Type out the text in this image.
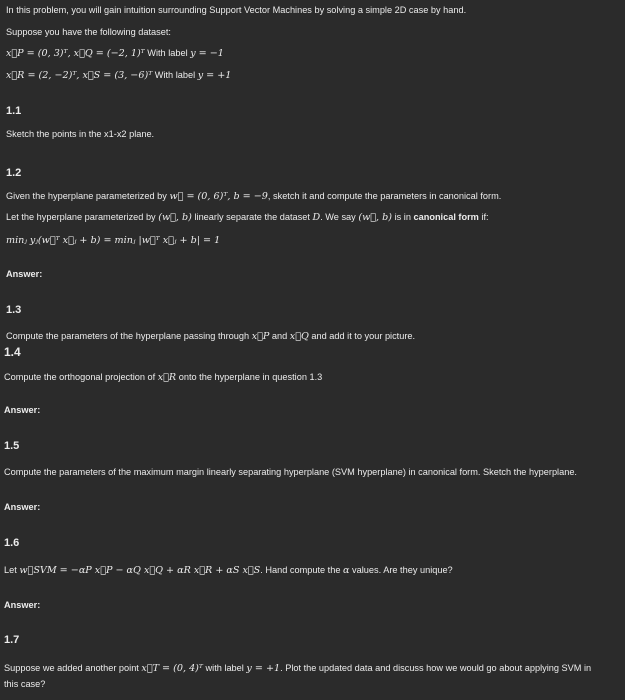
In this problem, you will gain intuition surrounding Support Vector Machines by solving a simple 2D case by hand.
Suppose you have the following dataset:
x⃗P = (0, 3)ᵀ, x⃗Q = (−2, 1)ᵀ With label y = −1
x⃗R = (2, −2)ᵀ, x⃗S = (3, −6)ᵀ With label y = +1
1.1
Sketch the points in the x1-x2 plane.
1.2
Given the hyperplane parameterized by w⃗ = (0, 6)ᵀ, b = −9, sketch it and compute the parameters in canonical form.
Let the hyperplane parameterized by (w⃗, b) linearly separate the dataset D. We say (w⃗, b) is in canonical form if:
minⱼ yⱼ(w⃗ᵀ x⃗ⱼ + b) = minⱼ |w⃗ᵀ x⃗ⱼ + b| = 1
Answer:
1.3
Compute the parameters of the hyperplane passing through x⃗P and x⃗Q and add it to your picture.
1.4
Compute the orthogonal projection of x⃗R onto the hyperplane in question 1.3
Answer:
1.5
Compute the parameters of the maximum margin linearly separating hyperplane (SVM hyperplane) in canonical form. Sketch the hyperplane.
Answer:
1.6
Let w⃗SVM = −αP x⃗P − αQ x⃗Q + αR x⃗R + αS x⃗S. Hand compute the α values. Are they unique?
Answer:
1.7
Suppose we added another point x⃗T = (0, 4)ᵀ with label y = +1. Plot the updated data and discuss how we would go about applying SVM in
this case?
